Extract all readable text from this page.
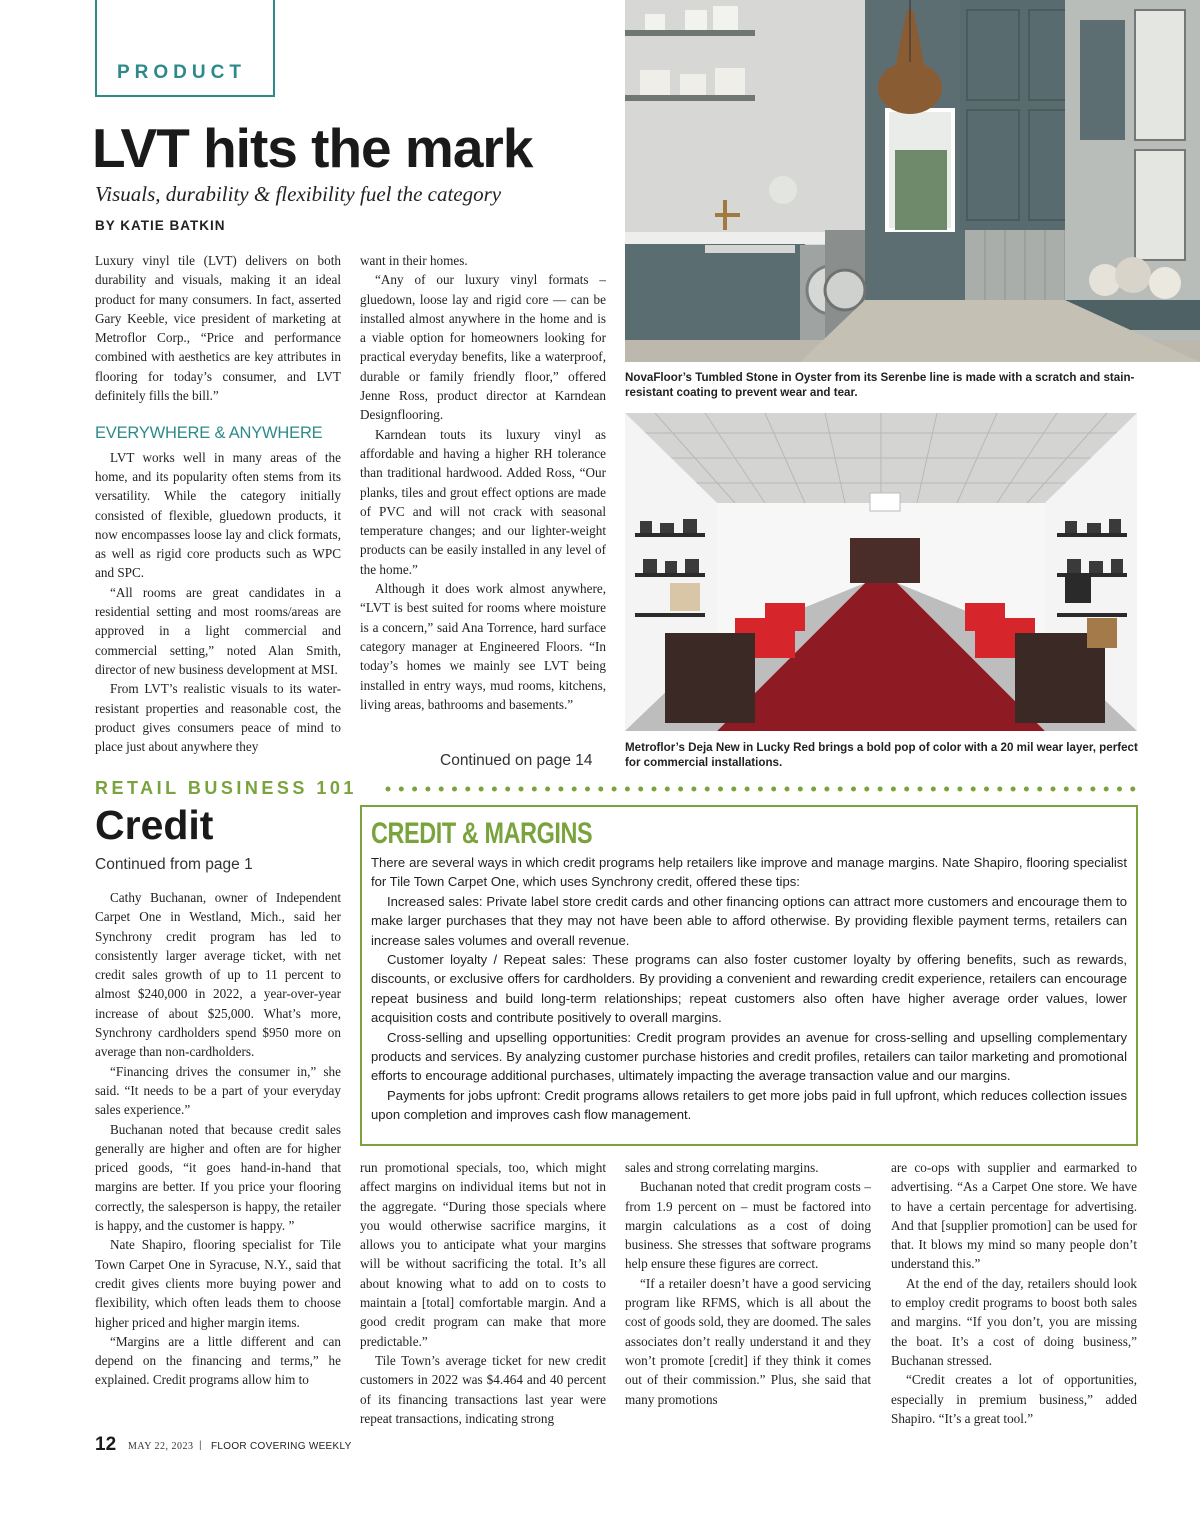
PRODUCT
LVT hits the mark
Visuals, durability & flexibility fuel the category
BY KATIE BATKIN

Luxury vinyl tile (LVT) delivers on both durability and visuals, making it an ideal product for many consumers. In fact, asserted Gary Keeble, vice president of marketing at Metroflor Corp., “Price and performance combined with aesthetics are key attributes in flooring for today’s consumer, and LVT definitely fills the bill.”

EVERYWHERE & ANYWHERE

LVT works well in many areas of the home, and its popularity often stems from its versatility. While the category initially consisted of flexible, gluedown products, it now encompasses loose lay and click formats, as well as rigid core products such as WPC and SPC.

“All rooms are great candidates in a residential setting and most rooms/areas are approved in a light commercial and commercial setting,” noted Alan Smith, director of new business development at MSI.

From LVT’s realistic visuals to its water-resistant properties and reasonable cost, the product gives consumers peace of mind to place just about anywhere they

want in their homes.

“Any of our luxury vinyl formats – gluedown, loose lay and rigid core — can be installed almost anywhere in the home and is a viable option for homeowners looking for practical everyday benefits, like a waterproof, durable or family friendly floor,” offered Jenne Ross, product director at Karndean Designflooring.

Karndean touts its luxury vinyl as affordable and having a higher RH tolerance than traditional hardwood. Added Ross, “Our planks, tiles and grout effect options are made of PVC and will not crack with seasonal temperature changes; and our lighter-weight products can be easily installed in any level of the home.”

Although it does work almost anywhere, “LVT is best suited for rooms where moisture is a concern,” said Ana Torrence, hard surface category manager at Engineered Floors. “In today’s homes we mainly see LVT being installed in entry ways, mud rooms, kitchens, living areas, bathrooms and basements.”

Continued on page 14
NovaFloor’s Tumbled Stone in Oyster from its Serenbe line is made with a scratch and stain-resistant coating to prevent wear and tear.
Metroflor’s Deja New in Lucky Red brings a bold pop of color with a 20 mil wear layer, perfect for commercial installations.
RETAIL BUSINESS 101
Credit
Continued from page 1

Cathy Buchanan, owner of Independent Carpet One in Westland, Mich., said her Synchrony credit program has led to consistently larger average ticket, with net credit sales growth of up to 11 percent to almost $240,000 in 2022, a year-over-year increase of about $25,000. What’s more, Synchrony cardholders spend $950 more on average than non-cardholders.

“Financing drives the consumer in,” she said. “It needs to be a part of your everyday sales experience.”

Buchanan noted that because credit sales generally are higher and often are for higher priced goods, “it goes hand-in-hand that margins are better. If you price your flooring correctly, the salesperson is happy, the retailer is happy, and the customer is happy. ”

Nate Shapiro, flooring specialist for Tile Town Carpet One in Syracuse, N.Y., said that credit gives clients more buying power and flexibility, which often leads them to choose higher priced and higher margin items.

“Margins are a little different and can depend on the financing and terms,” he explained. Credit programs allow him to

CREDIT & MARGINS

There are several ways in which credit programs help retailers like improve and manage margins. Nate Shapiro, flooring specialist for Tile Town Carpet One, which uses Synchrony credit, offered these tips:

Increased sales: Private label store credit cards and other financing options can attract more customers and encourage them to make larger purchases that they may not have been able to afford otherwise. By providing flexible payment terms, retailers can increase sales volumes and overall revenue.

Customer loyalty / Repeat sales: These programs can also foster customer loyalty by offering benefits, such as rewards, discounts, or exclusive offers for cardholders. By providing a convenient and rewarding credit experience, retailers can encourage repeat business and build long-term relationships; repeat customers also often have higher average order values, lower acquisition costs and contribute positively to overall margins.

Cross-selling and upselling opportunities: Credit program provides an avenue for cross-selling and upselling complementary products and services. By analyzing customer purchase histories and credit profiles, retailers can tailor marketing and promotional efforts to encourage additional purchases, ultimately impacting the average transaction value and our margins.

Payments for jobs upfront: Credit programs allows retailers to get more jobs paid in full upfront, which reduces collection issues upon completion and improves cash flow management.

run promotional specials, too, which might affect margins on individual items but not in the aggregate. “During those specials where you would otherwise sacrifice margins, it allows you to anticipate what your margins will be without sacrificing the total. It’s all about knowing what to add on to costs to maintain a [total] comfortable margin. And a good credit program can make that more predictable.”

Tile Town’s average ticket for new credit customers in 2022 was $4.464 and 40 percent of its financing transactions last year were repeat transactions, indicating strong

sales and strong correlating margins.

Buchanan noted that credit program costs – from 1.9 percent on – must be factored into margin calculations as a cost of doing business. She stresses that software programs help ensure these figures are correct.

“If a retailer doesn’t have a good servicing program like RFMS, which is all about the cost of goods sold, they are doomed. The sales associates don’t really understand it and they won’t promote [credit] if they think it comes out of their commission.” Plus, she said that many promotions

are co-ops with supplier and earmarked to advertising. “As a Carpet One store. We have to have a certain percentage for advertising. And that [supplier promotion] can be used for that. It blows my mind so many people don’t understand this.”

At the end of the day, retailers should look to employ credit programs to boost both sales and margins. “If you don’t, you are missing the boat. It’s a cost of doing business,” Buchanan stressed.

“Credit creates a lot of opportunities, especially in premium business,” added Shapiro. “It’s a great tool.”

12 MAY 22, 2023 | FLOOR COVERING WEEKLY
